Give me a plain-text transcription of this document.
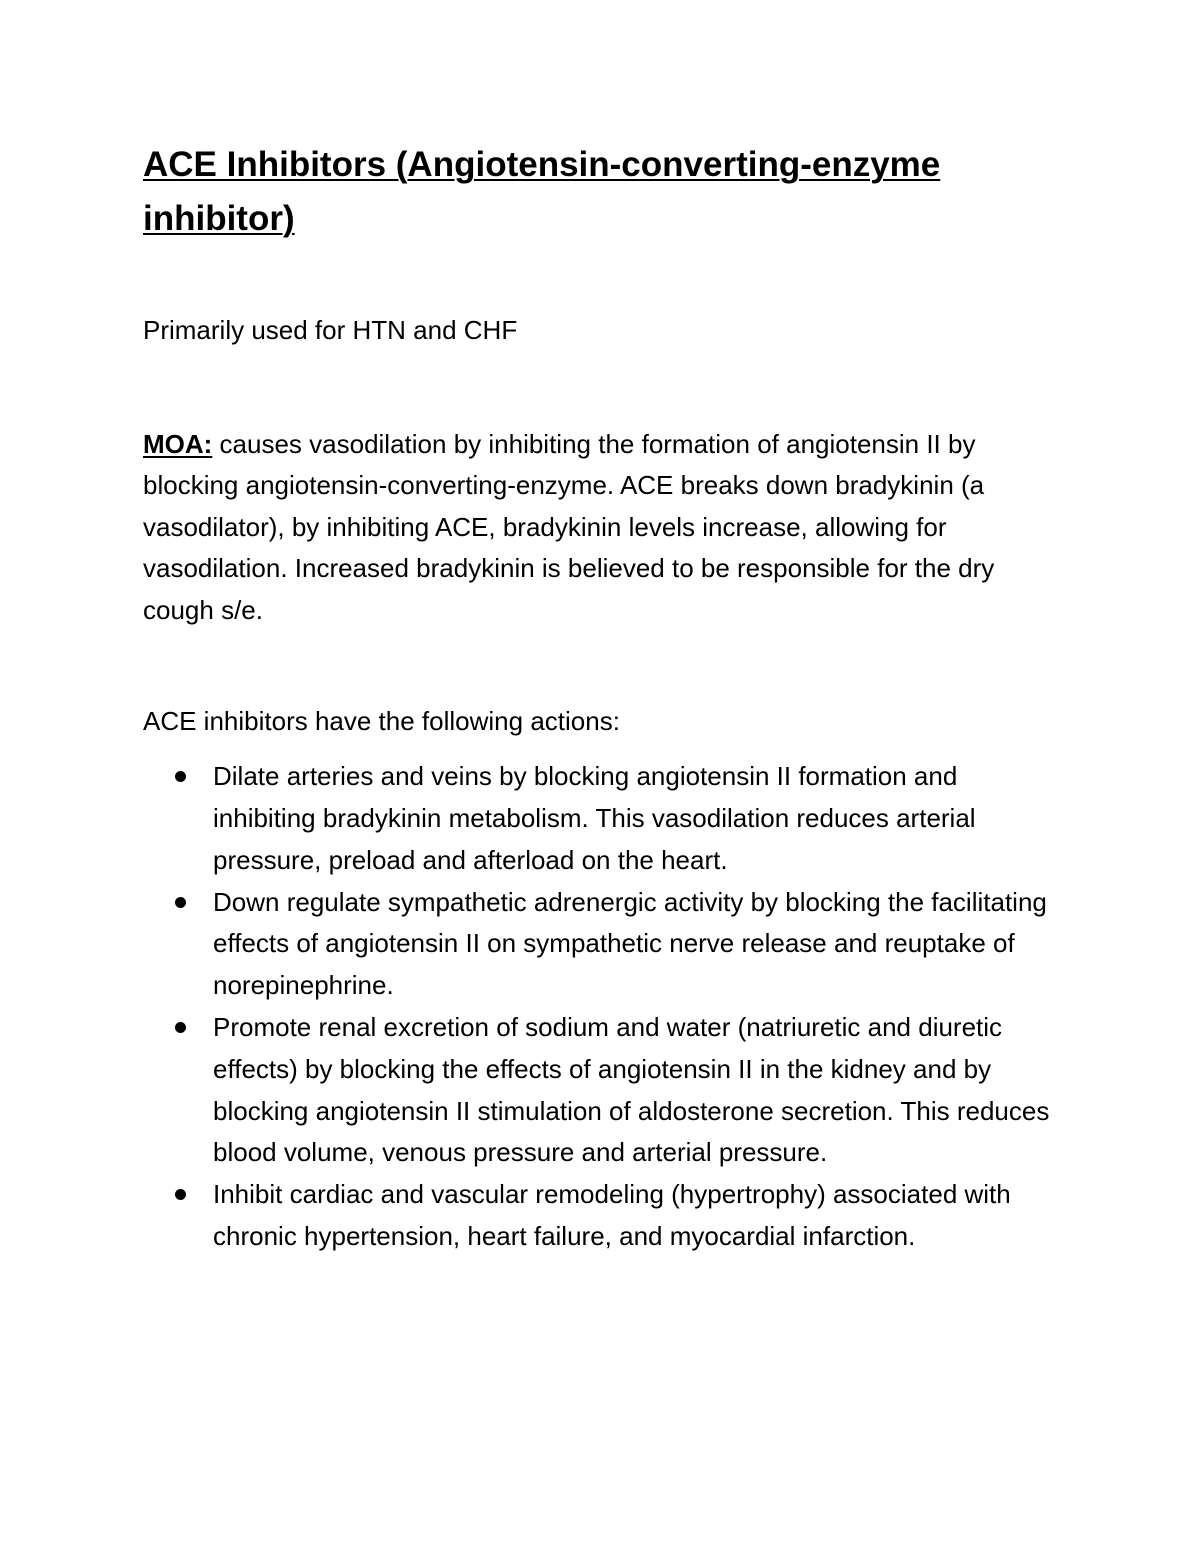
ACE Inhibitors (Angiotensin-converting-enzyme inhibitor)

Primarily used for HTN and CHF

MOA: causes vasodilation by inhibiting the formation of angiotensin II by blocking angiotensin-converting-enzyme. ACE breaks down bradykinin (a vasodilator), by inhibiting ACE, bradykinin levels increase, allowing for vasodilation. Increased bradykinin is believed to be responsible for the dry cough s/e.

ACE inhibitors have the following actions:

Dilate arteries and veins by blocking angiotensin II formation and inhibiting bradykinin metabolism. This vasodilation reduces arterial pressure, preload and afterload on the heart.
Down regulate sympathetic adrenergic activity by blocking the facilitating effects of angiotensin II on sympathetic nerve release and reuptake of norepinephrine.
Promote renal excretion of sodium and water (natriuretic and diuretic effects) by blocking the effects of angiotensin II in the kidney and by blocking angiotensin II stimulation of aldosterone secretion. This reduces blood volume, venous pressure and arterial pressure.
Inhibit cardiac and vascular remodeling (hypertrophy) associated with chronic hypertension, heart failure, and myocardial infarction.
